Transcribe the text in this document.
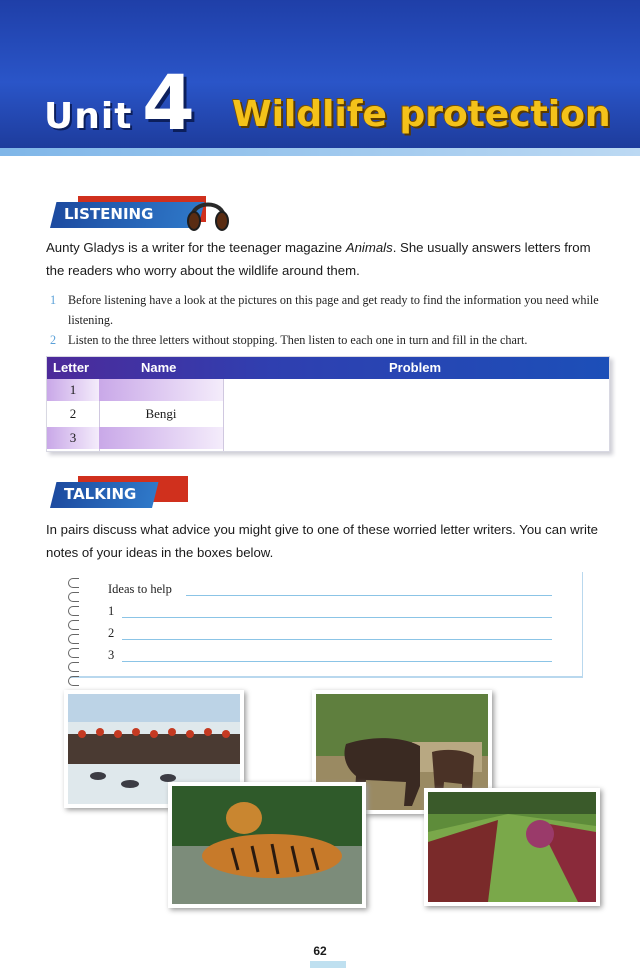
Unit 4 Wildlife protection
LISTENING
Aunty Gladys is a writer for the teenager magazine Animals. She usually answers letters from the readers who worry about the wildlife around them.
1 Before listening have a look at the pictures on this page and get ready to find the information you need while listening.
2 Listen to the three letters without stopping. Then listen to each one in turn and fill in the chart.
Letter	Name	Problem
1
2	Bengi
3
TALKING
In pairs discuss what advice you might give to one of these worried letter writers. You can write notes of your ideas in the boxes below.
Ideas to help
1
2
3
62
